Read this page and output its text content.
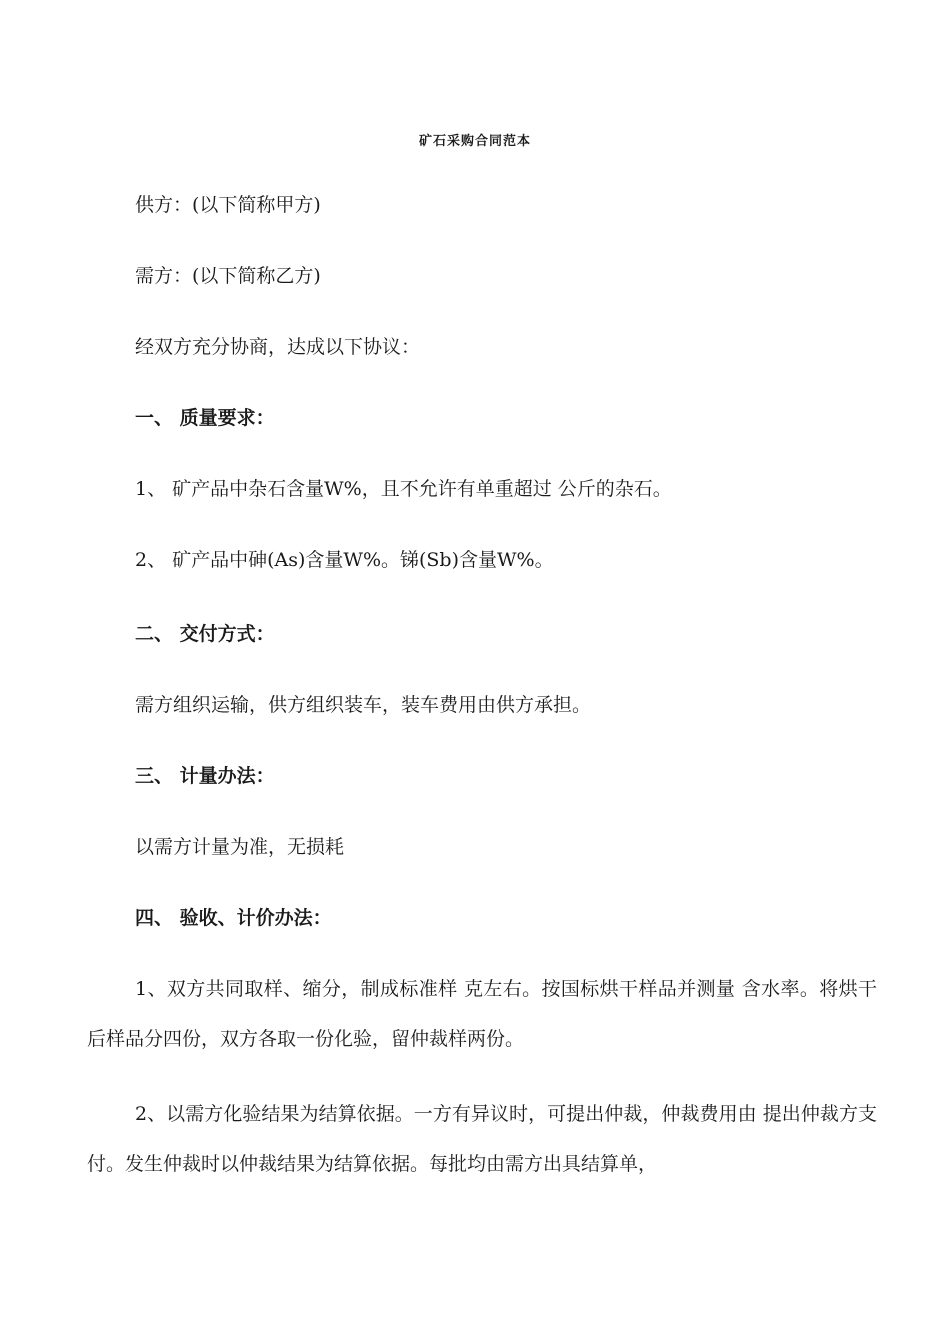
矿石采购合同范本
供方：(以下简称甲方)
需方：(以下简称乙方)
经双方充分协商，达成以下协议：
一、 质量要求：
1、 矿产品中杂石含量W%，且不允许有单重超过 公斤的杂石。
2、 矿产品中砷(As)含量W%。锑(Sb)含量W%。
二、 交付方式：
需方组织运输，供方组织装车，装车费用由供方承担。
三、 计量办法：
以需方计量为准，无损耗
四、 验收、计价办法：
1、双方共同取样、缩分，制成标准样 克左右。按国标烘干样品并测量 含水率。将烘干后样品分四份，双方各取一份化验，留仲裁样两份。
2、以需方化验结果为结算依据。一方有异议时，可提出仲裁，仲裁费用由 提出仲裁方支付。发生仲裁时以仲裁结果为结算依据。每批均由需方出具结算单，
